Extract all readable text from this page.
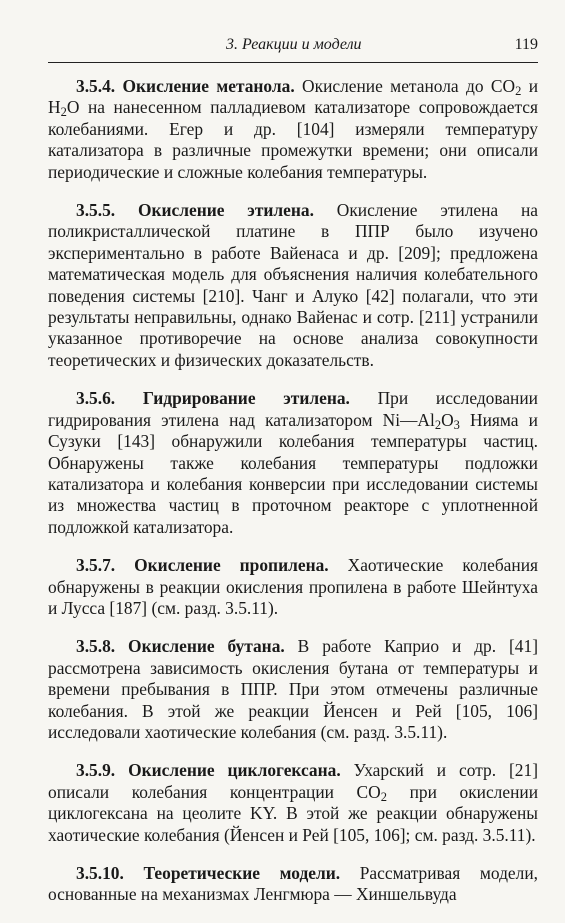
3. Реакции и модели	119

3.5.4. Окисление метанола. Окисление метанола до $CO_2$ и $H_2O$ на нанесенном палладиевом катализаторе сопровождается колебаниями. Егер и др. [104] измеряли температуру катализатора в различные промежутки времени; они описали периодические и сложные колебания температуры.

3.5.5. Окисление этилена. Окисление этилена на поликристаллической платине в ППР было изучено экспериментально в работе Вайенаса и др. [209]; предложена математическая модель для объяснения наличия колебательного поведения системы [210]. Чанг и Алуко [42] полагали, что эти результаты неправильны, однако Вайенас и сотр. [211] устранили указанное противоречие на основе анализа совокупности теоретических и физических доказательств.

3.5.6. Гидрирование этилена. При исследовании гидрирования этилена над катализатором $Ni—Al_2O_3$ Нияма и Сузуки [143] обнаружили колебания температуры частиц. Обнаружены также колебания температуры подложки катализатора и колебания конверсии при исследовании системы из множества частиц в проточном реакторе с уплотненной подложкой катализатора.

3.5.7. Окисление пропилена. Хаотические колебания обнаружены в реакции окисления пропилена в работе Шейнтуха и Лусса [187] (см. разд. 3.5.11).

3.5.8. Окисление бутана. В работе Каприо и др. [41] рассмотрена зависимость окисления бутана от температуры и времени пребывания в ППР. При этом отмечены различные колебания. В этой же реакции Йенсен и Рей [105, 106] исследовали хаотические колебания (см. разд. 3.5.11).

3.5.9. Окисление циклогексана. Ухарский и сотр. [21] описали колебания концентрации $CO_2$ при окислении циклогексана на цеолите KY. В этой же реакции обнаружены хаотические колебания (Йенсен и Рей [105, 106]; см. разд. 3.5.11).

3.5.10. Теоретические модели. Рассматривая модели, основанные на механизмах Ленгмюра — Хиншельвуда
